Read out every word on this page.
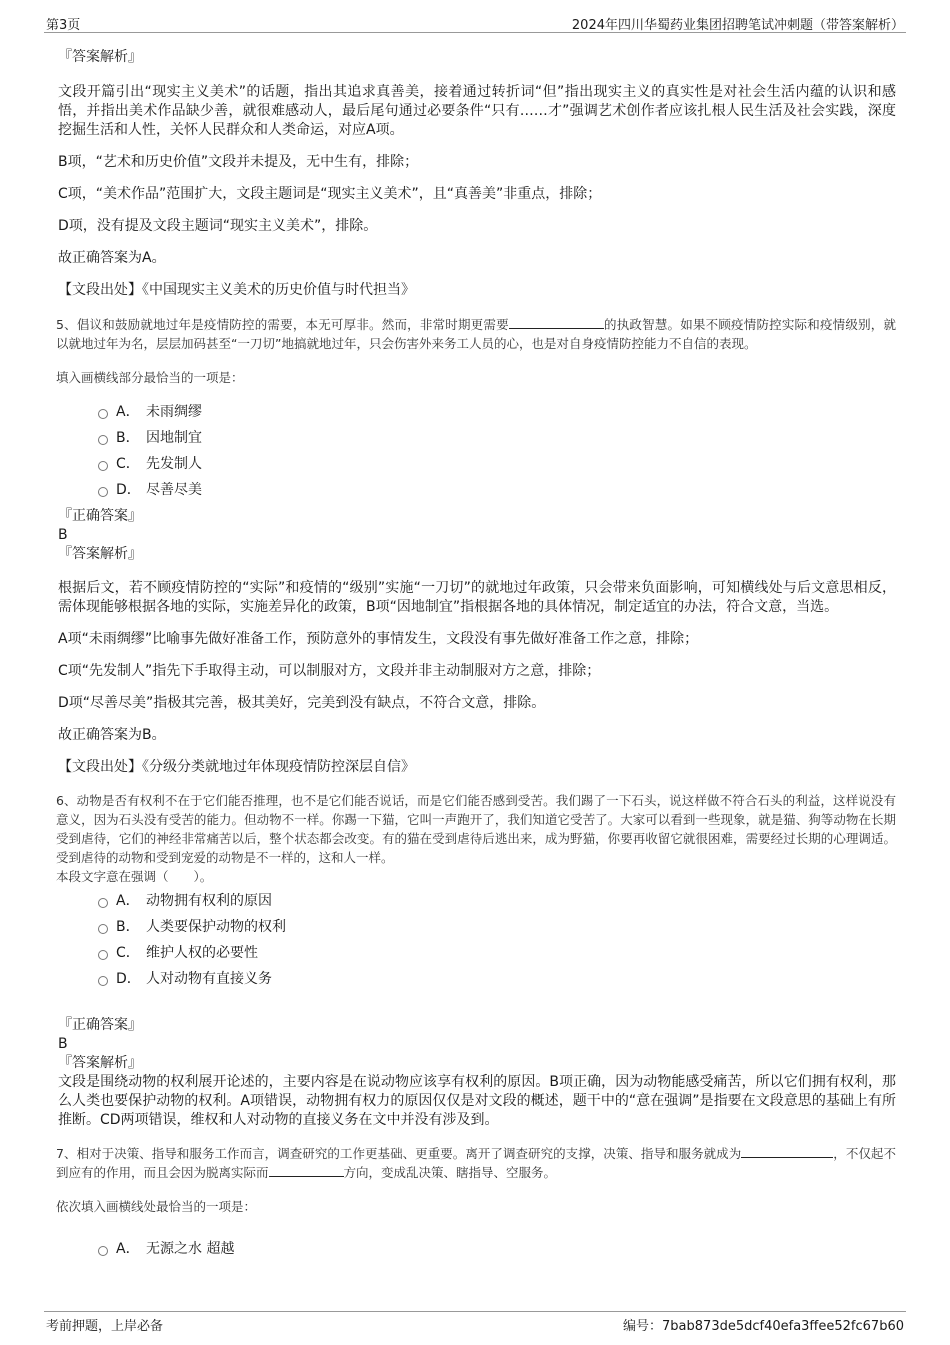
第3页	2024年四川华蜀药业集团招聘笔试冲刺题（带答案解析）

『答案解析』

文段开篇引出“现实主义美术”的话题，指出其追求真善美，接着通过转折词“但”指出现实主义的真实性是对社会生活内蕴的认识和感悟，并指出美术作品缺少善，就很难感动人，最后尾句通过必要条件“只有……才”强调艺术创作者应该扎根人民生活及社会实践，深度挖掘生活和人性，关怀人民群众和人类命运，对应A项。

B项，“艺术和历史价值”文段并未提及，无中生有，排除；

C项，“美术作品”范围扩大，文段主题词是“现实主义美术”，且“真善美”非重点，排除；

D项，没有提及文段主题词“现实主义美术”，排除。

故正确答案为A。

【文段出处】《中国现实主义美术的历史价值与时代担当》

5、倡议和鼓励就地过年是疫情防控的需要，本无可厚非。然而，非常时期更需要	的执政智慧。如果不顾疫情防控实际和疫情级别，就以就地过年为名，层层加码甚至“一刀切”地搞就地过年，只会伤害外来务工人员的心，也是对自身疫情防控能力不自信的表现。

填入画横线部分最恰当的一项是：

A． 未雨绸缪
B． 因地制宜
C． 先发制人
D． 尽善尽美

『正确答案』

B

『答案解析』

根据后文，若不顾疫情防控的“实际”和疫情的“级别”实施“一刀切”的就地过年政策，只会带来负面影响，可知横线处与后文意思相反，需体现能够根据各地的实际，实施差异化的政策，B项“因地制宜”指根据各地的具体情况，制定适宜的办法，符合文意，当选。

A项“未雨绸缪”比喻事先做好准备工作，预防意外的事情发生，文段没有事先做好准备工作之意，排除；

C项“先发制人”指先下手取得主动，可以制服对方，文段并非主动制服对方之意，排除；

D项“尽善尽美”指极其完善，极其美好，完美到没有缺点，不符合文意，排除。

故正确答案为B。

【文段出处】《分级分类就地过年体现疫情防控深层自信》

6、动物是否有权利不在于它们能否推理，也不是它们能否说话，而是它们能否感到受苦。我们踢了一下石头，说这样做不符合石头的利益，这样说没有意义，因为石头没有受苦的能力。但动物不一样。你踢一下猫，它叫一声跑开了，我们知道它受苦了。大家可以看到一些现象，就是猫、狗等动物在长期受到虐待，它们的神经非常痛苦以后，整个状态都会改变。有的猫在受到虐待后逃出来，成为野猫，你要再收留它就很困难，需要经过长期的心理调适。受到虐待的动物和受到宠爱的动物是不一样的，这和人一样。

本段文字意在强调（　　）。

A． 动物拥有权利的原因
B． 人类要保护动物的权利
C． 维护人权的必要性
D． 人对动物有直接义务

『正确答案』

B

『答案解析』

文段是围绕动物的权利展开论述的，主要内容是在说动物应该享有权利的原因。B项正确，因为动物能感受痛苦，所以它们拥有权利，那么人类也要保护动物的权利。A项错误，动物拥有权力的原因仅仅是对文段的概述，题干中的“意在强调”是指要在文段意思的基础上有所推断。CD两项错误，维权和人对动物的直接义务在文中并没有涉及到。

7、相对于决策、指导和服务工作而言，调查研究的工作更基础、更重要。离开了调查研究的支撑，决策、指导和服务就成为	，不仅起不到应有的作用，而且会因为脱离实际而	方向，变成乱决策、瞎指导、空服务。

依次填入画横线处最恰当的一项是：

A． 无源之水 超越
考前押题，上岸必备	编号：7bab873de5dcf40efa3ffee52fc67b60
